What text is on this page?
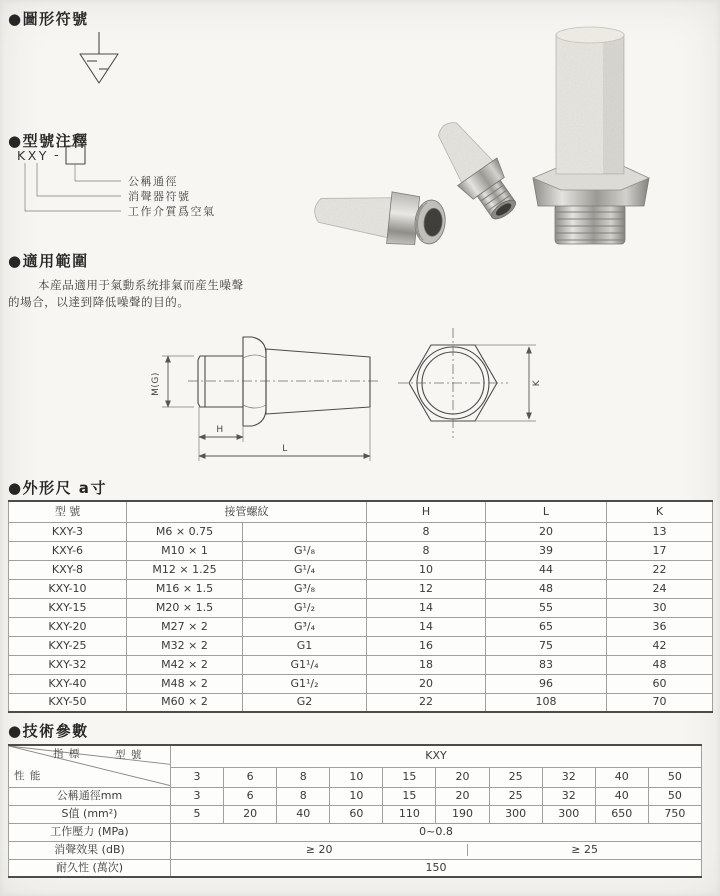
●圖形符號
●型號注釋
KXY -
公稱通徑
消聲器符號
工作介質爲空氣
●適用範圍
本産品適用于氣動系统排氣而産生噪聲
的場合，以達到降低噪聲的目的。
M(G)
H
L
K
●外形尺 a寸
型 號	接管螺紋		H	L	K
KXY-3	M6 × 0.75		8	20	13
KXY-6	M10 × 1	G¹/₈	8	39	17
KXY-8	M12 × 1.25	G¹/₄	10	44	22
KXY-10	M16 × 1.5	G³/₈	12	48	24
KXY-15	M20 × 1.5	G¹/₂	14	55	30
KXY-20	M27 × 2	G³/₄	14	65	36
KXY-25	M32 × 2	G1	16	75	42
KXY-32	M42 × 2	G1¹/₄	18	83	48
KXY-40	M48 × 2	G1¹/₂	20	96	60
KXY-50	M60 × 2	G2	22	108	70
●技術參數
指 標 型 號
性 能	KXY									
	3	6	8	10	15	20	25	32	40	50
公稱通徑mm	3	6	8	10	15	20	25	32	40	50
S值 (mm²)	5	20	40	60	110	190	300	300	650	750
工作壓力 (MPa)	0~0.8									
消聲效果 (dB)	≥ 20 ≥ 25									

耐久性 (萬次)	150									
